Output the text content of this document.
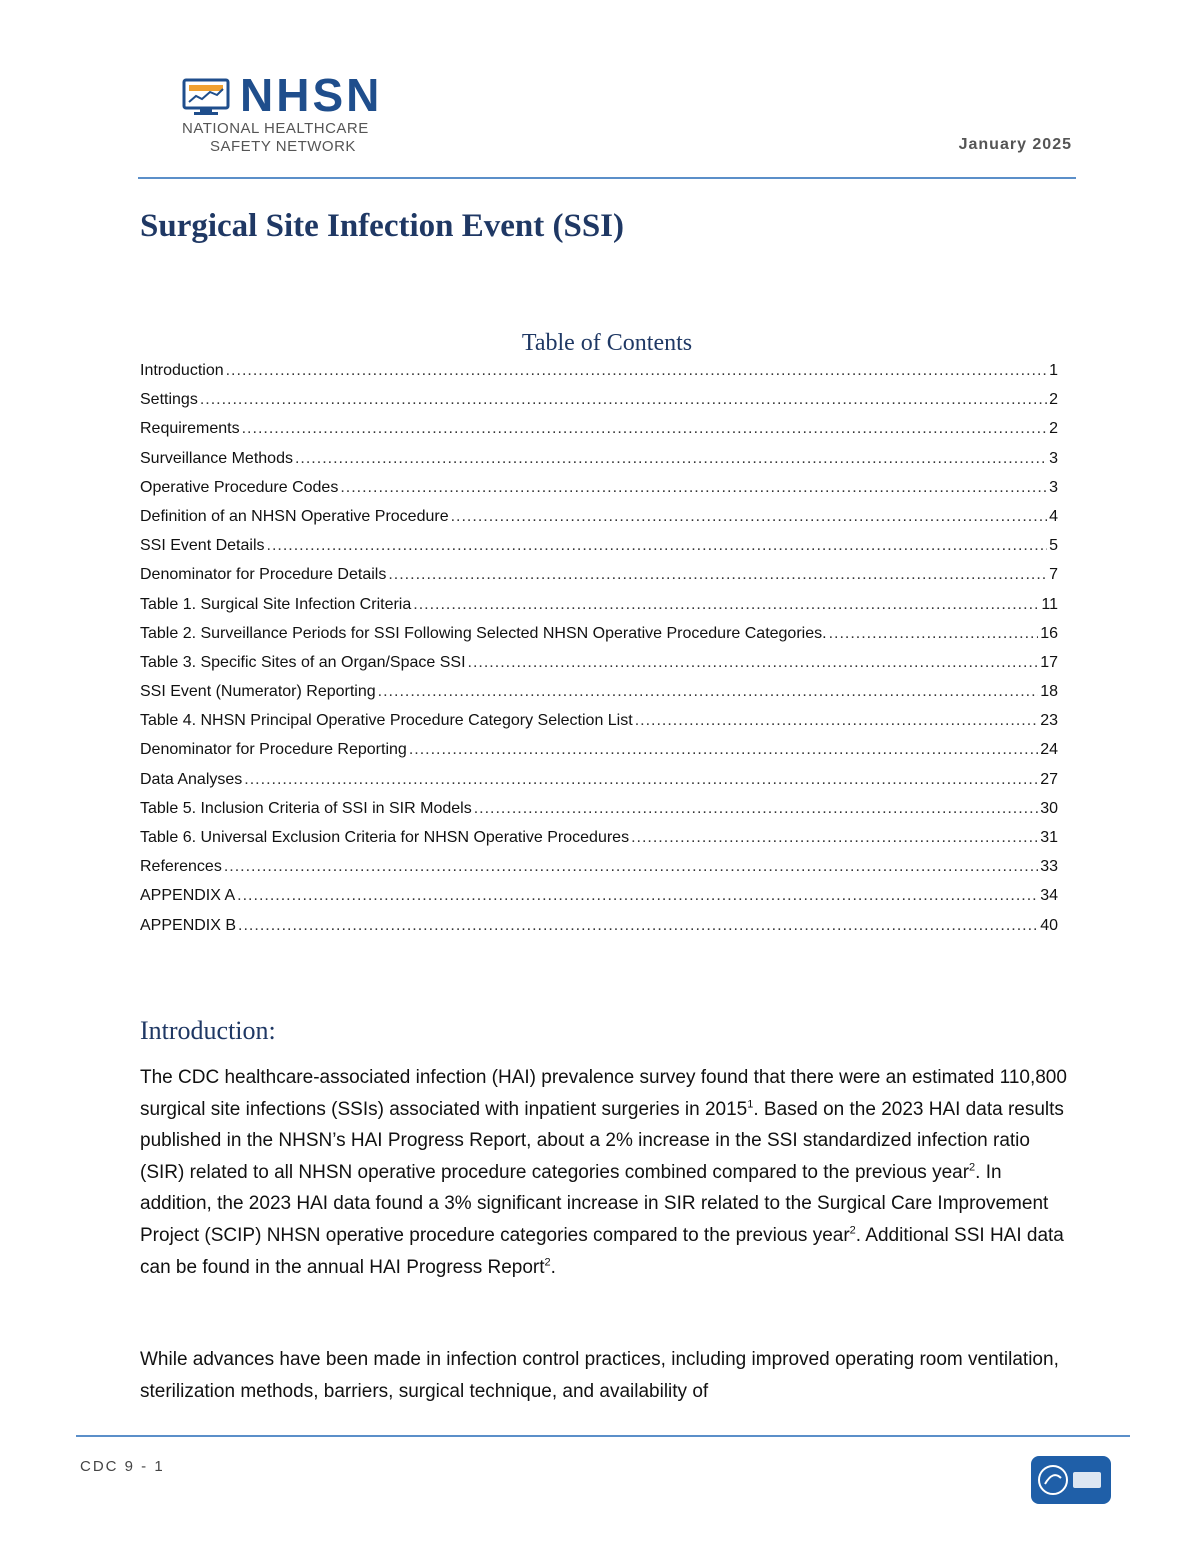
NHSN
NATIONAL HEALTHCARE
SAFETY NETWORK	January 2025
Surgical Site Infection Event (SSI)
Table of Contents
Introduction .....	1
Settings .....	2
Requirements .....	2
Surveillance Methods .....	3
Operative Procedure Codes .....	3
Definition of an NHSN Operative Procedure .....	4
SSI Event Details .....	5
Denominator for Procedure Details .....	7
Table 1. Surgical Site Infection Criteria .....	11
Table 2. Surveillance Periods for SSI Following Selected NHSN Operative Procedure Categories. .....	16
Table 3. Specific Sites of an Organ/Space SSI .....	17
SSI Event (Numerator) Reporting .....	18
Table 4. NHSN Principal Operative Procedure Category Selection List .....	23
Denominator for Procedure Reporting .....	24
Data Analyses .....	27
Table 5. Inclusion Criteria of SSI in SIR Models .....	30
Table 6. Universal Exclusion Criteria for NHSN Operative Procedures .....	31
References .....	33
APPENDIX A .....	34
APPENDIX B .....	40
Introduction:

The CDC healthcare-associated infection (HAI) prevalence survey found that there were an estimated 110,800 surgical site infections (SSIs) associated with inpatient surgeries in 2015$^1$. Based on the 2023 HAI data results published in the NHSN’s HAI Progress Report, about a 2% increase in the SSI standardized infection ratio (SIR) related to all NHSN operative procedure categories combined compared to the previous year$^2$. In addition, the 2023 HAI data found a 3% significant increase in SIR related to the Surgical Care Improvement Project (SCIP) NHSN operative procedure categories compared to the previous year$^2$. Additional SSI HAI data can be found in the annual HAI Progress Report$^2$.

While advances have been made in infection control practices, including improved operating room ventilation, sterilization methods, barriers, surgical technique, and availability of

CDC 9 - 1
